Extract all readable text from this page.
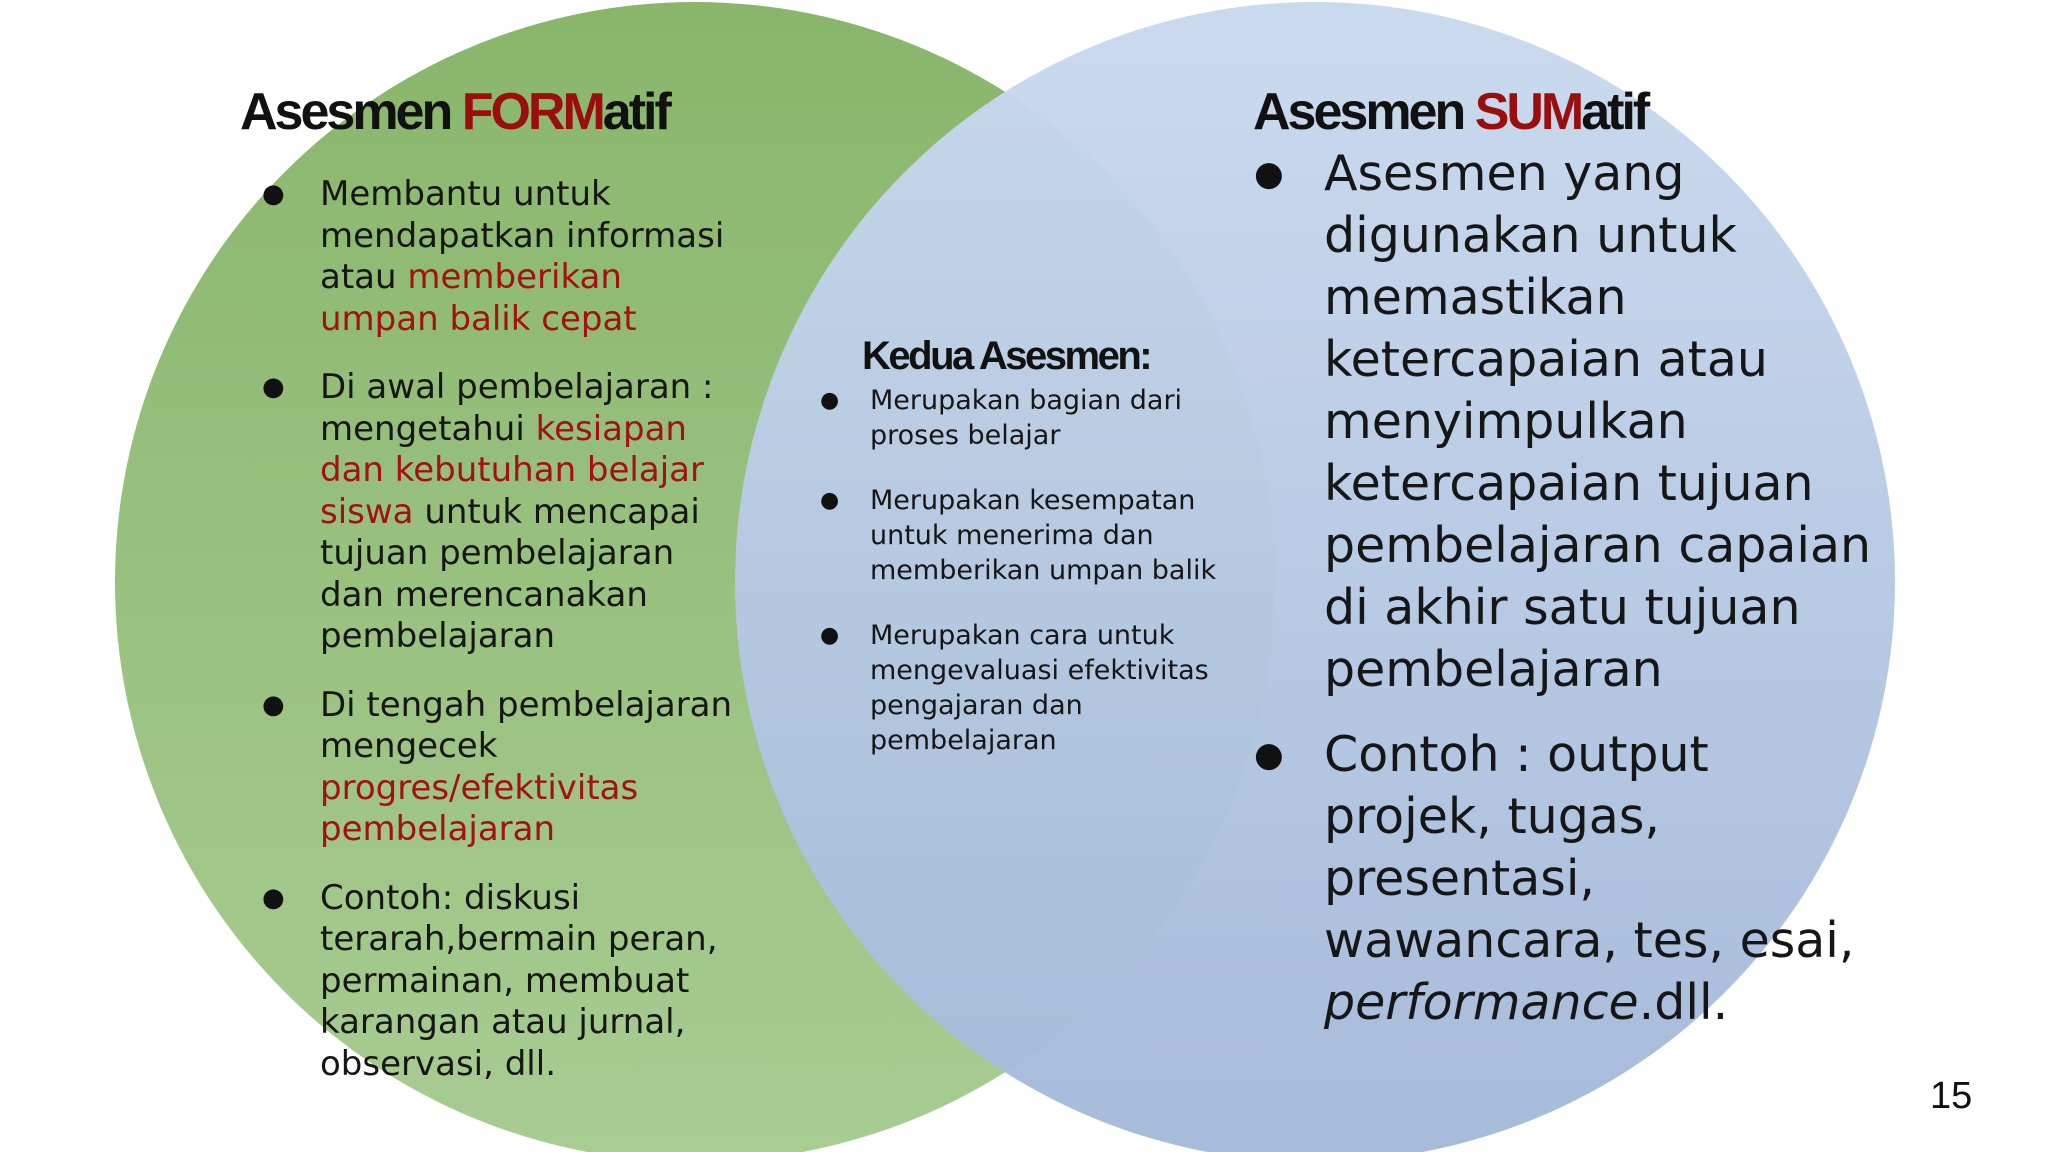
Asesmen FORMatif
● Membantu untuk mendapatkan informasi atau memberikan umpan balik cepat
● Di awal pembelajaran : mengetahui kesiapan dan kebutuhan belajar siswa untuk mencapai tujuan pembelajaran dan merencanakan pembelajaran
● Di tengah pembelajaran mengecek progres/efektivitas pembelajaran
● Contoh: diskusi terarah,bermain peran, permainan, membuat karangan atau jurnal, observasi, dll.
Kedua Asesmen:
● Merupakan bagian dari proses belajar
● Merupakan kesempatan untuk menerima dan memberikan umpan balik
● Merupakan cara untuk mengevaluasi efektivitas pengajaran dan pembelajaran
Asesmen SUMatif
● Asesmen yang digunakan untuk memastikan ketercapaian atau menyimpulkan ketercapaian tujuan pembelajaran capaian di akhir satu tujuan pembelajaran
● Contoh : output projek, tugas, presentasi, wawancara, tes, esai, performance.dll.
15
